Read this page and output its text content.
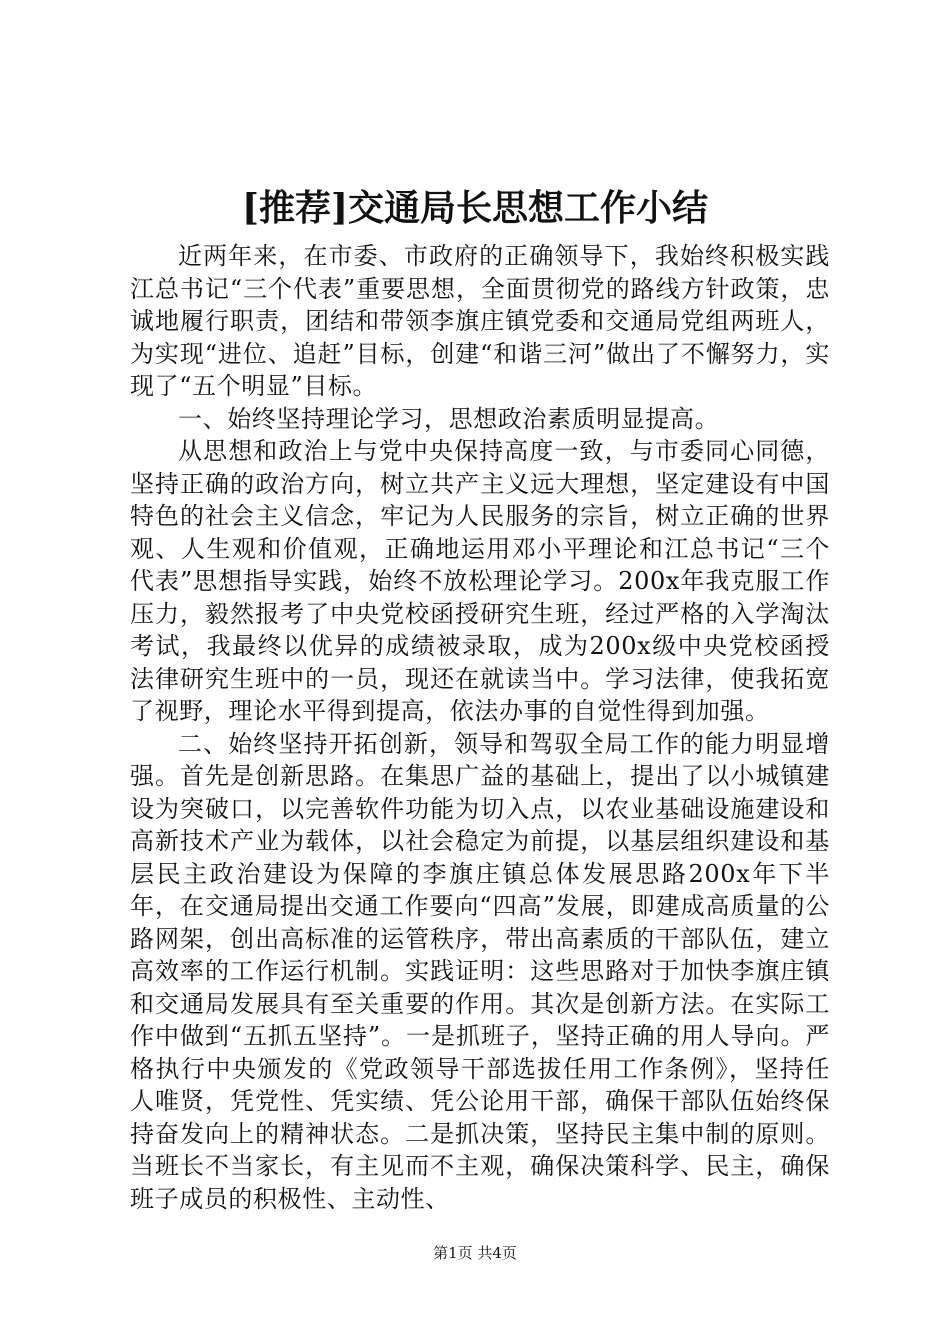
[推荐]交通局长思想工作小结

近两年来，在市委、市政府的正确领导下，我始终积极实践江总书记“三个代表”重要思想，全面贯彻党的路线方针政策，忠诚地履行职责，团结和带领李旗庄镇党委和交通局党组两班人，为实现“进位、追赶”目标，创建“和谐三河”做出了不懈努力，实现了“五个明显”目标。

一、始终坚持理论学习，思想政治素质明显提高。

从思想和政治上与党中央保持高度一致，与市委同心同德，坚持正确的政治方向，树立共产主义远大理想，坚定建设有中国特色的社会主义信念，牢记为人民服务的宗旨，树立正确的世界观、人生观和价值观，正确地运用邓小平理论和江总书记“三个代表”思想指导实践，始终不放松理论学习。200x年我克服工作压力，毅然报考了中央党校函授研究生班，经过严格的入学淘汰考试，我最终以优异的成绩被录取，成为200x级中央党校函授法律研究生班中的一员，现还在就读当中。学习法律，使我拓宽了视野，理论水平得到提高，依法办事的自觉性得到加强。

二、始终坚持开拓创新，领导和驾驭全局工作的能力明显增强。首先是创新思路。在集思广益的基础上，提出了以小城镇建设为突破口，以完善软件功能为切入点，以农业基础设施建设和高新技术产业为载体，以社会稳定为前提，以基层组织建设和基层民主政治建设为保障的李旗庄镇总体发展思路200x年下半年，在交通局提出交通工作要向“四高”发展，即建成高质量的公路网架，创出高标准的运管秩序，带出高素质的干部队伍，建立高效率的工作运行机制。实践证明：这些思路对于加快李旗庄镇和交通局发展具有至关重要的作用。其次是创新方法。在实际工作中做到“五抓五坚持”。一是抓班子，坚持正确的用人导向。严格执行中央颁发的《党政领导干部选拔任用工作条例》，坚持任人唯贤，凭党性、凭实绩、凭公论用干部，确保干部队伍始终保持奋发向上的精神状态。二是抓决策，坚持民主集中制的原则。当班长不当家长，有主见而不主观，确保决策科学、民主，确保班子成员的积极性、主动性、

第1页 共4页
